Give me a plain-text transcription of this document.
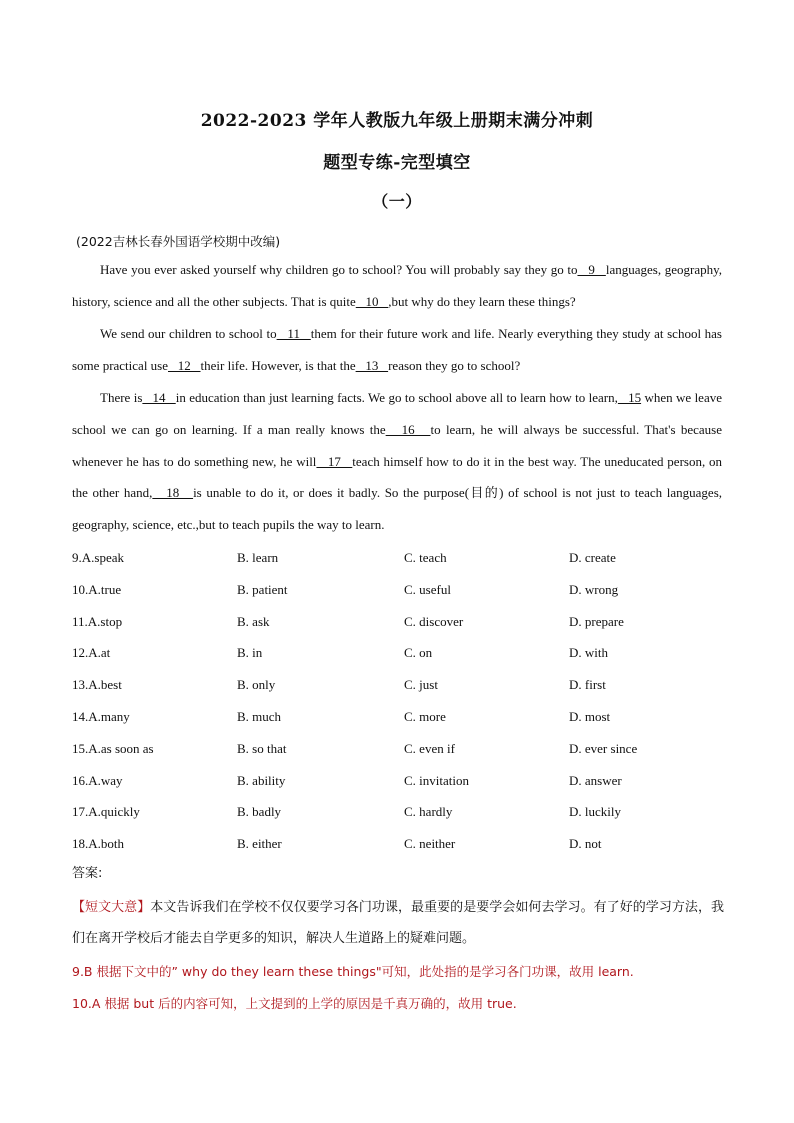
2022-2023 学年人教版九年级上册期末满分冲刺
题型专练-完型填空
（一）
(2022吉林长春外国语学校期中改编)
Have you ever asked yourself why children go to school? You will probably say they go to   9   languages, geography, history, science and all the other subjects. That is quite   10   ,but why do they learn these things?
We send our children to school to   11   them for their future work and life. Nearly everything they study at school has some practical use   12   their life. However, is that the   13   reason they go to school?
There is   14   in education than just learning facts. We go to school above all to learn how to learn,   15 when we leave school we can go on learning. If a man really knows the   16   to learn, he will always be successful. That's because whenever he has to do something new, he will   17   teach himself how to do it in the best way. The uneducated person, on the other hand,   18   is unable to do it, or does it badly. So the purpose(目的) of school is not just to teach languages, geography, science, etc.,but to teach pupils the way to learn.
9.A.speak	B. learn	C. teach	D. create
10.A.true	B. patient	C. useful	D. wrong
11.A.stop	B. ask	C. discover	D. prepare
12.A.at	B. in	C. on	D. with
13.A.best	B. only	C. just	D. first
14.A.many	B. much	C. more	D. most
15.A.as soon as	B. so that	C. even if	D. ever since
16.A.way	B. ability	C. invitation	D. answer
17.A.quickly	B. badly	C. hardly	D. luckily
18.A.both	B. either	C. neither	D. not
答案:
【短文大意】本文告诉我们在学校不仅仅要学习各门功课，最重要的是要学会如何去学习。有了好的学习方法，我们在离开学校后才能去自学更多的知识，解决人生道路上的疑难问题。
9.B 根据下文中的” why do they learn these things"可知，此处指的是学习各门功课，故用 learn.
10.A 根据 but 后的内容可知，上文提到的上学的原因是千真万确的，故用 true.
